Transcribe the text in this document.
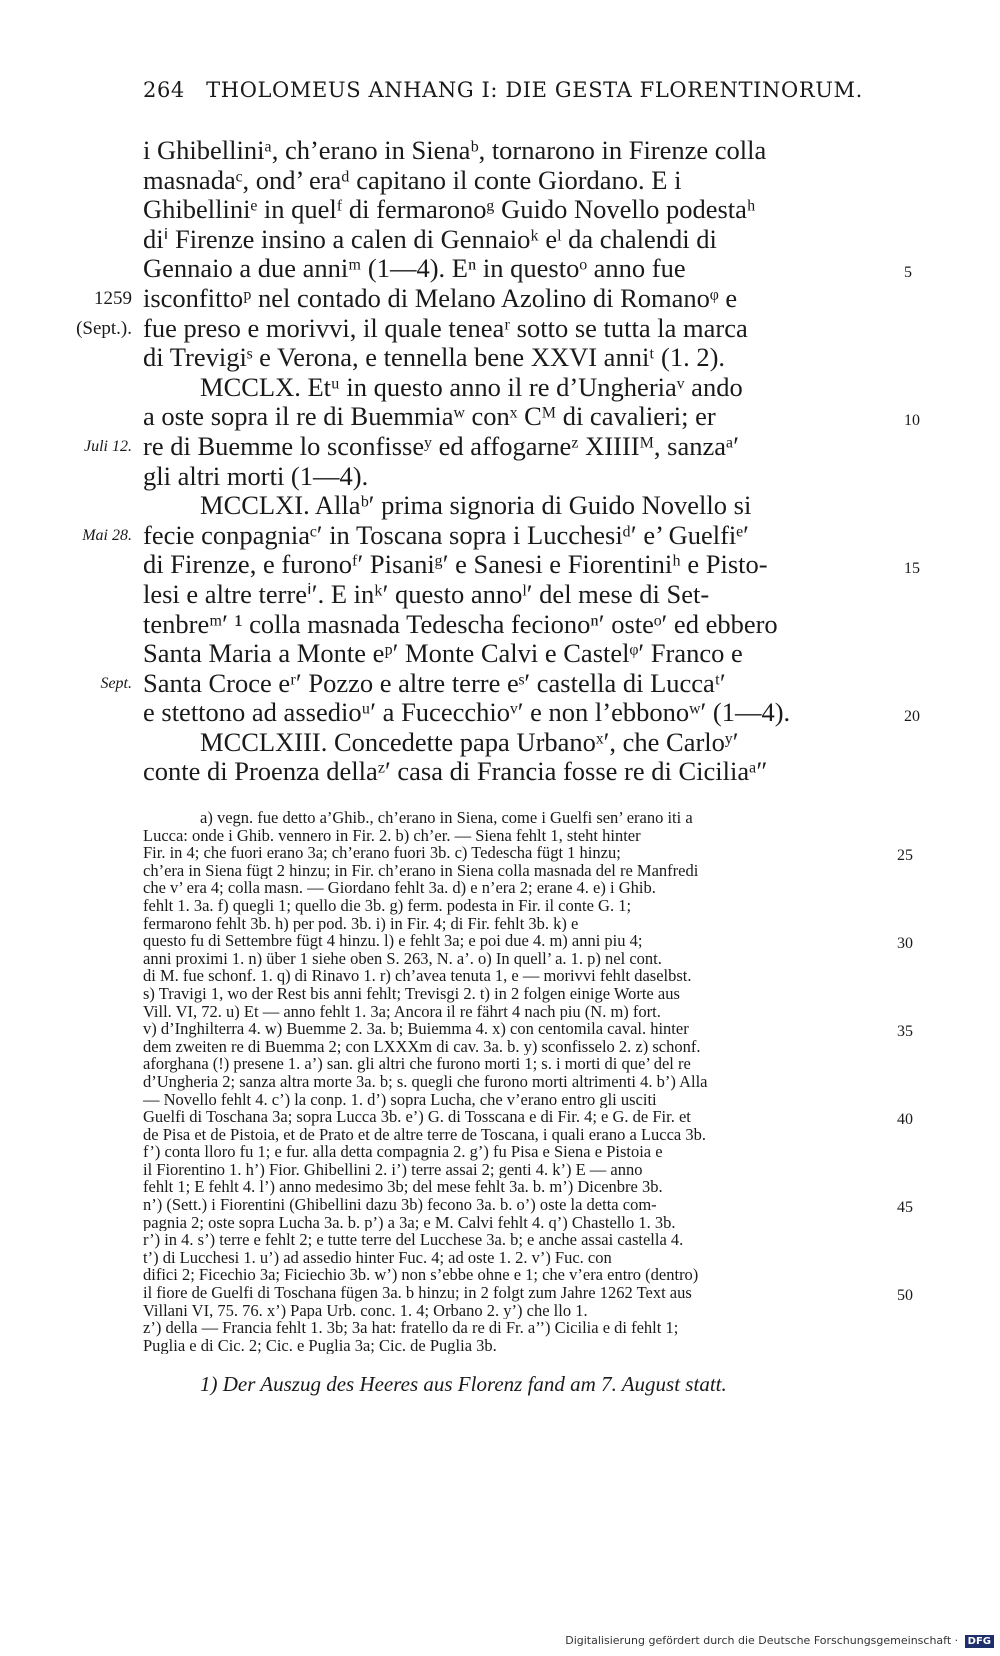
264 THOLOMEUS ANHANG I: DIE GESTA FLORENTINORUM.
i Ghibelliniᵃ, ch’erano in Sienaᵇ, tornarono in Firenze colla
masnadaᶜ, ond’ eraᵈ capitano il conte Giordano. E i
Ghibelliniᵉ in quelᶠ di fermaronoᵍ Guido Novello podestaʰ
diⁱ Firenze insino a calen di Gennaioᵏ eˡ da chalendi di
Gennaio a due anniᵐ (1—4). Eⁿ in questoᵒ anno fue	5
isconfittoᵖ nel contado di Melano Azolino di Romanoᵠ e
1259
fue preso e morivvi, il quale teneaʳ sotto se tutta la marca
(Sept.).
di Trevigiˢ e Verona, e tennella bene XXVI anniᵗ (1. 2).
MCCLX. Etᵘ in questo anno il re d’Ungheriaᵛ ando
a oste sopra il re di Buemmiaʷ conˣ Cᴹ di cavalieri; er	10
re di Buemme lo sconfisseʸ ed affogarneᶻ XIIIIᴹ, sanzaᵃ′
Juli 12.
gli altri morti (1—4).
MCCLXI. Allaᵇ′ prima signoria di Guido Novello si
fecie conpagniaᶜ′ in Toscana sopra i Lucchesiᵈ′ e’ Guelfiᵉ′
Mai 28.
di Firenze, e furonoᶠ′ Pisaniᵍ′ e Sanesi e Fiorentiniʰ e Pisto-	15
lesi e altre terreⁱ′. E inᵏ′ questo annoˡ′ del mese di Set-
tenbreᵐ′ ¹ colla masnada Tedescha fecionoⁿ′ osteᵒ′ ed ebbero
Santa Maria a Monte eᵖ′ Monte Calvi e Castelᵠ′ Franco e
Santa Croce eʳ′ Pozzo e altre terre eˢ′ castella di Luccaᵗ′
Sept.
e stettono ad assedioᵘ′ a Fucecchioᵛ′ e non l’ebbonoʷ′ (1—4).	20
MCCLXIII. Concedette papa Urbanoˣ′, che Carloʸ′
conte di Proenza dellaᶻ′ casa di Francia fosse re di Ciciliaᵃ″
a) vegn. fue detto a’Ghib., ch’erano in Siena, come i Guelfi sen’ erano iti a
Lucca: onde i Ghib. vennero in Fir. 2. b) ch’er. — Siena fehlt 1, steht hinter
Fir. in 4; che fuori erano 3a; ch’erano fuori 3b. c) Tedescha fügt 1 hinzu;	25
ch’era in Siena fügt 2 hinzu; in Fir. ch’erano in Siena colla masnada del re Manfredi
che v’ era 4; colla masn. — Giordano fehlt 3a. d) e n’era 2; erane 4. e) i Ghib.
fehlt 1. 3a. f) quegli 1; quello die 3b. g) ferm. podesta in Fir. il conte G. 1;
fermarono fehlt 3b. h) per pod. 3b. i) in Fir. 4; di Fir. fehlt 3b. k) e
questo fu di Settembre fügt 4 hinzu. l) e fehlt 3a; e poi due 4. m) anni piu 4;	30
anni proximi 1. n) über 1 siehe oben S. 263, N. a’. o) In quell’ a. 1. p) nel cont.
di M. fue schonf. 1. q) di Rinavo 1. r) ch’avea tenuta 1, e — morivvi fehlt daselbst.
s) Travigi 1, wo der Rest bis anni fehlt; Trevisgi 2. t) in 2 folgen einige Worte aus
Vill. VI, 72. u) Et — anno fehlt 1. 3a; Ancora il re fährt 4 nach piu (N. m) fort.
v) d’Inghilterra 4. w) Buemme 2. 3a. b; Buiemma 4. x) con centomila caval. hinter	35
dem zweiten re di Buemma 2; con LXXXm di cav. 3a. b. y) sconfisselo 2. z) schonf.
aforghana (!) presene 1. a’) san. gli altri che furono morti 1; s. i morti di que’ del re
d’Ungheria 2; sanza altra morte 3a. b; s. quegli che furono morti altrimenti 4. b’) Alla
— Novello fehlt 4. c’) la conp. 1. d’) sopra Lucha, che v’erano entro gli usciti
Guelfi di Toschana 3a; sopra Lucca 3b. e’) G. di Tosscana e di Fir. 4; e G. de Fir. et	40
de Pisa et de Pistoia, et de Prato et de altre terre de Toscana, i quali erano a Lucca 3b.
f’) conta lloro fu 1; e fur. alla detta compagnia 2. g’) fu Pisa e Siena e Pistoia e
il Fiorentino 1. h’) Fior. Ghibellini 2. i’) terre assai 2; genti 4. k’) E — anno
fehlt 1; E fehlt 4. l’) anno medesimo 3b; del mese fehlt 3a. b. m’) Dicenbre 3b.
n’) (Sett.) i Fiorentini (Ghibellini dazu 3b) fecono 3a. b. o’) oste la detta com-	45
pagnia 2; oste sopra Lucha 3a. b. p’) a 3a; e M. Calvi fehlt 4. q’) Chastello 1. 3b.
r’) in 4. s’) terre e fehlt 2; e tutte terre del Lucchese 3a. b; e anche assai castella 4.
t’) di Lucchesi 1. u’) ad assedio hinter Fuc. 4; ad oste 1. 2. v’) Fuc. con
difici 2; Ficechio 3a; Ficiechio 3b. w’) non s’ebbe ohne e 1; che v’era entro (dentro)
il fiore de Guelfi di Toschana fügen 3a. b hinzu; in 2 folgt zum Jahre 1262 Text aus	50
Villani VI, 75. 76. x’) Papa Urb. conc. 1. 4; Orbano 2. y’) che llo 1.
z’) della — Francia fehlt 1. 3b; 3a hat: fratello da re di Fr. a’’) Cicilia e di fehlt 1;
Puglia e di Cic. 2; Cic. e Puglia 3a; Cic. de Puglia 3b.
1) Der Auszug des Heeres aus Florenz fand am 7. August statt.
Digitalisierung gefördert durch die Deutsche Forschungsgemeinschaft · DFG
